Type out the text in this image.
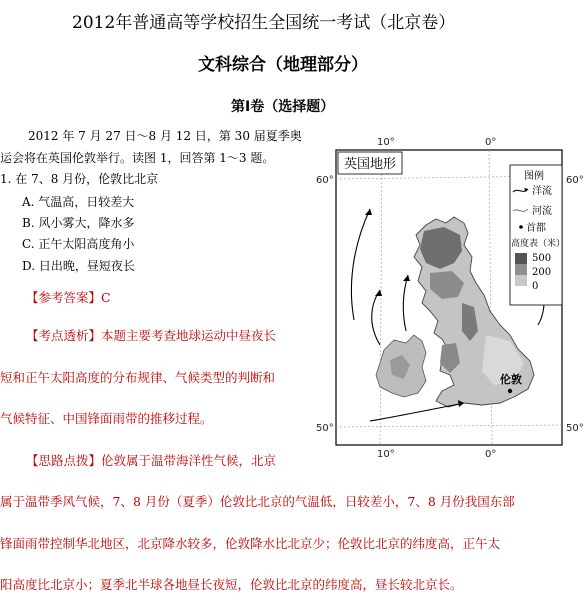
2012年普通高等学校招生全国统一考试（北京卷）
文科综合（地理部分）
第Ⅰ卷（选择题）
2012 年 7 月 27 日～8 月 12 日，第 30 届夏季奥
运会将在英国伦敦举行。读图 1，回答第 1～3 题。
1. 在 7、8 月份，伦敦比北京
A. 气温高，日较差大
B. 风小雾大，降水多
C. 正午太阳高度角小
D. 日出晚，昼短夜长
【参考答案】C
【考点透析】本题主要考查地球运动中昼夜长
短和正午太阳高度的分布规律、气候类型的判断和
气候特征、中国锋面雨带的推移过程。
【思路点拨】伦敦属于温带海洋性气候，北京
属于温带季风气候，7、8 月份（夏季）伦敦比北京的气温低，日较差小，7、8 月份我国东部
锋面雨带控制华北地区，北京降水较多，伦敦降水比北京少；伦敦比北京的纬度高，正午太
阳高度比北京小；夏季北半球各地昼长夜短，伦敦比北京的纬度高，昼长较北京长。
10°	0°
10°	0°
60°	60°
50°	50°
英国地形
伦敦
图例
洋流
河流
首都
高度表（米）
500
200
0
